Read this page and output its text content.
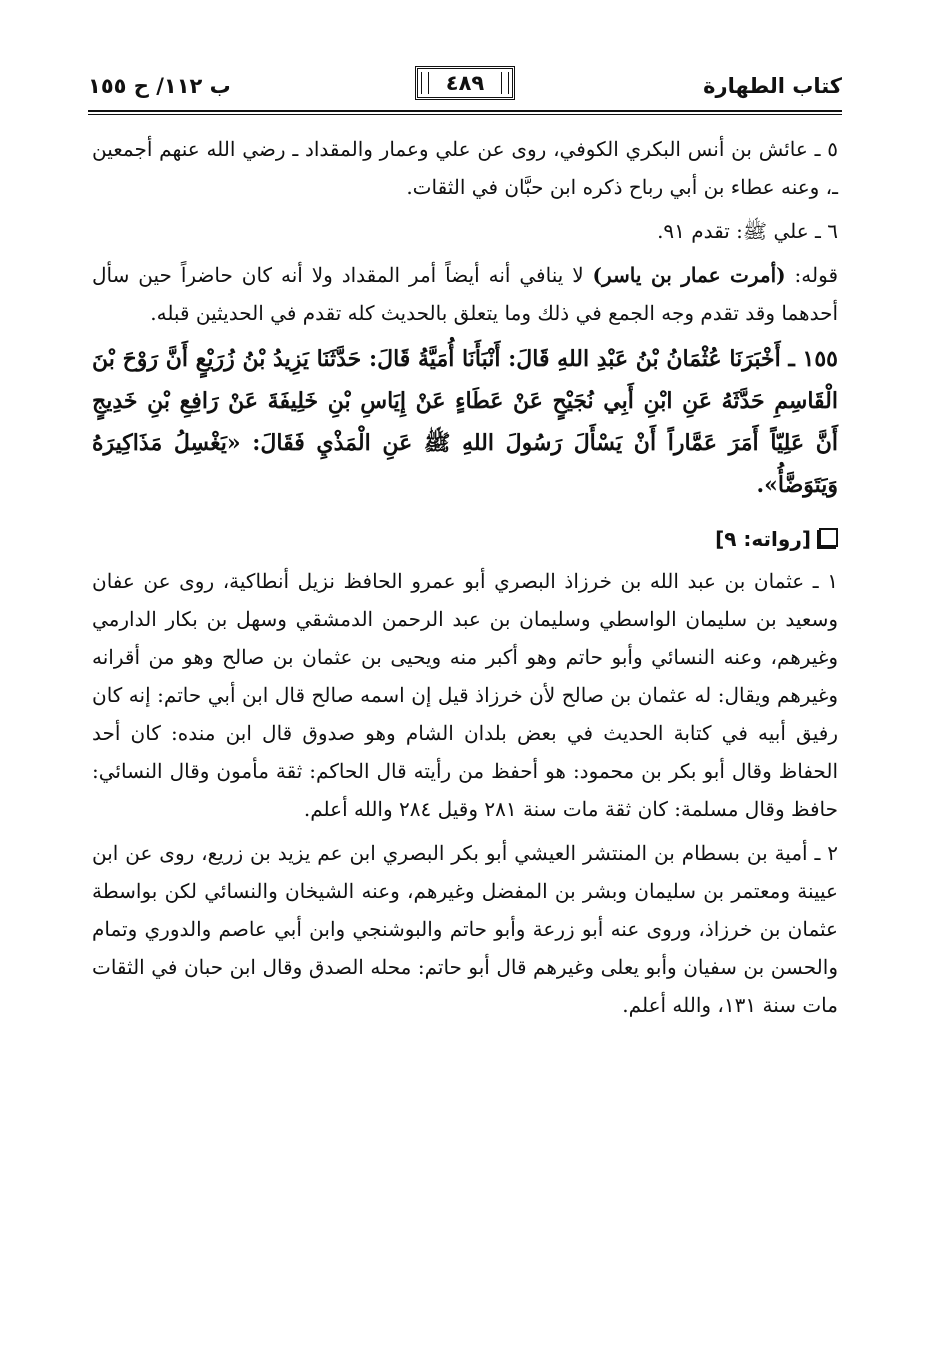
كتاب الطهارة
٤٨٩
ب ١١٢/ ح ١٥٥

٥ ـ عائش بن أنس البكري الكوفي، روى عن علي وعمار والمقداد ـ رضي الله عنهم أجمعين ـ، وعنه عطاء بن أبي رباح ذكره ابن حبَّان في الثقات.

٦ ـ علي ﷺ: تقدم ٩١.

قوله: (أمرت عمار بن ياسر) لا ينافي أنه أيضاً أمر المقداد ولا أنه كان حاضراً حين سأل أحدهما وقد تقدم وجه الجمع في ذلك وما يتعلق بالحديث كله تقدم في الحديثين قبله.

١٥٥ ـ أَخْبَرَنَا عُثْمَانُ بْنُ عَبْدِ اللهِ قَالَ: أَنْبَأَنَا أُمَيَّةُ قَالَ: حَدَّثَنَا يَزِيدُ بْنُ زُرَيْعٍ أَنَّ رَوْحَ بْنَ الْقَاسِمِ حَدَّثَهُ عَنِ ابْنِ أَبِي نُجَيْحٍ عَنْ عَطَاءٍ عَنْ إِيَاسِ بْنِ خَلِيفَةَ عَنْ رَافِعِ بْنِ خَدِيجٍ أَنَّ عَلِيّاً أَمَرَ عَمَّاراً أَنْ يَسْأَلَ رَسُولَ اللهِ ﷺ عَنِ الْمَذْيِ فَقَالَ: «يَغْسِلُ مَذَاكِيرَهُ وَيَتَوَضَّأُ».

[رواته: ٩]

١ ـ عثمان بن عبد الله بن خرزاذ البصري أبو عمرو الحافظ نزيل أنطاكية، روى عن عفان وسعيد بن سليمان الواسطي وسليمان بن عبد الرحمن الدمشقي وسهل بن بكار الدارمي وغيرهم، وعنه النسائي وأبو حاتم وهو أكبر منه ويحيى بن عثمان بن صالح وهو من أقرانه وغيرهم ويقال: له عثمان بن صالح لأن خرزاذ قيل إن اسمه صالح قال ابن أبي حاتم: إنه كان رفيق أبيه في كتابة الحديث في بعض بلدان الشام وهو صدوق قال ابن منده: كان أحد الحفاظ وقال أبو بكر بن محمود: هو أحفظ من رأيته قال الحاكم: ثقة مأمون وقال النسائي: حافظ وقال مسلمة: كان ثقة مات سنة ٢٨١ وقيل ٢٨٤ والله أعلم.

٢ ـ أمية بن بسطام بن المنتشر العيشي أبو بكر البصري ابن عم يزيد بن زريع، روى عن ابن عيينة ومعتمر بن سليمان وبشر بن المفضل وغيرهم، وعنه الشيخان والنسائي لكن بواسطة عثمان بن خرزاذ، وروى عنه أبو زرعة وأبو حاتم والبوشنجي وابن أبي عاصم والدوري وتمام والحسن بن سفيان وأبو يعلى وغيرهم قال أبو حاتم: محله الصدق وقال ابن حبان في الثقات مات سنة ١٣١، والله أعلم.
